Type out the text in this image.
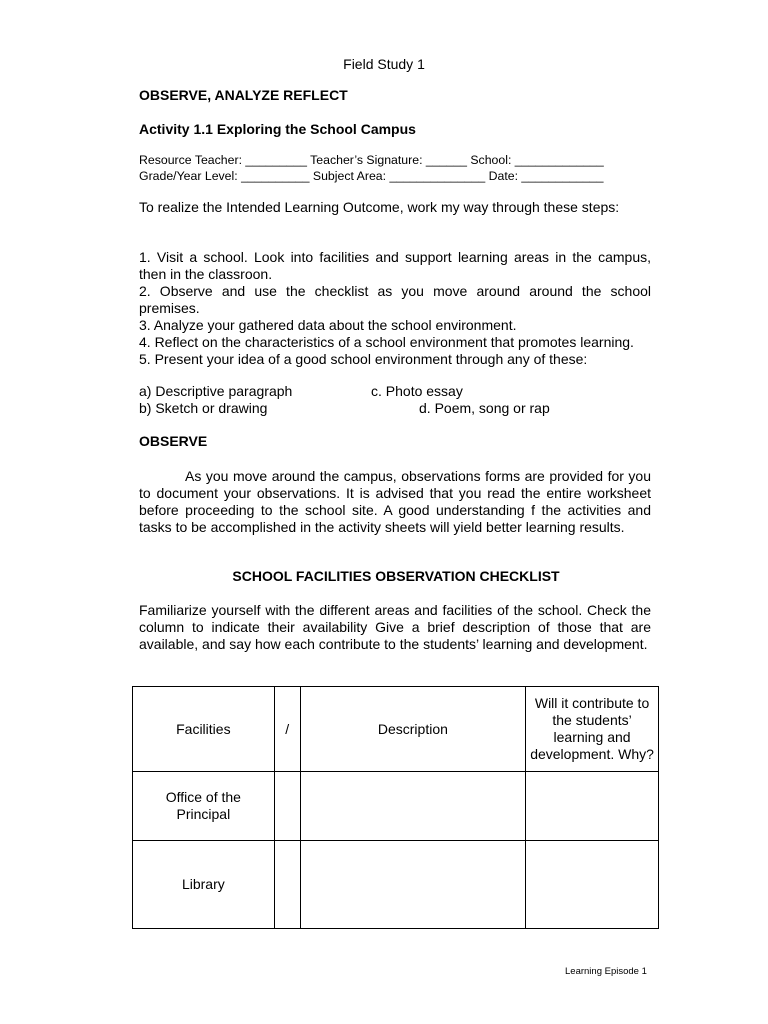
Field Study 1
OBSERVE, ANALYZE REFLECT
Activity 1.1 Exploring the School Campus
Resource Teacher: _________ Teacher’s Signature: ______ School: _____________
Grade/Year Level: __________ Subject Area: ______________ Date: ____________
To realize the Intended Learning Outcome, work my way through these steps:
1. Visit a school. Look into facilities and support learning areas in the campus, then in the classroon.
2. Observe and use the checklist as you move around around the school premises.
3. Analyze your gathered data about the school environment.
4. Reflect on the characteristics of a school environment that promotes learning.
5. Present your idea of a good school environment through any of these:
a) Descriptive paragraph	c. Photo essay
b) Sketch or drawing	d. Poem, song or rap
OBSERVE
As you move around the campus, observations forms are provided for you to document your observations. It is advised that you read the entire worksheet before proceeding to the school site. A good understanding f the activities and tasks to be accomplished in the activity sheets will yield better learning results.
SCHOOL FACILITIES OBSERVATION CHECKLIST
Familiarize yourself with the different areas and facilities of the school. Check the column to indicate their availability Give a brief description of those that are available, and say how each contribute to the students’ learning and development.
Facilities	/	Description	Will it contribute to the students’ learning and development. Why?
Office of the Principal			
Library			
Learning Episode 1
